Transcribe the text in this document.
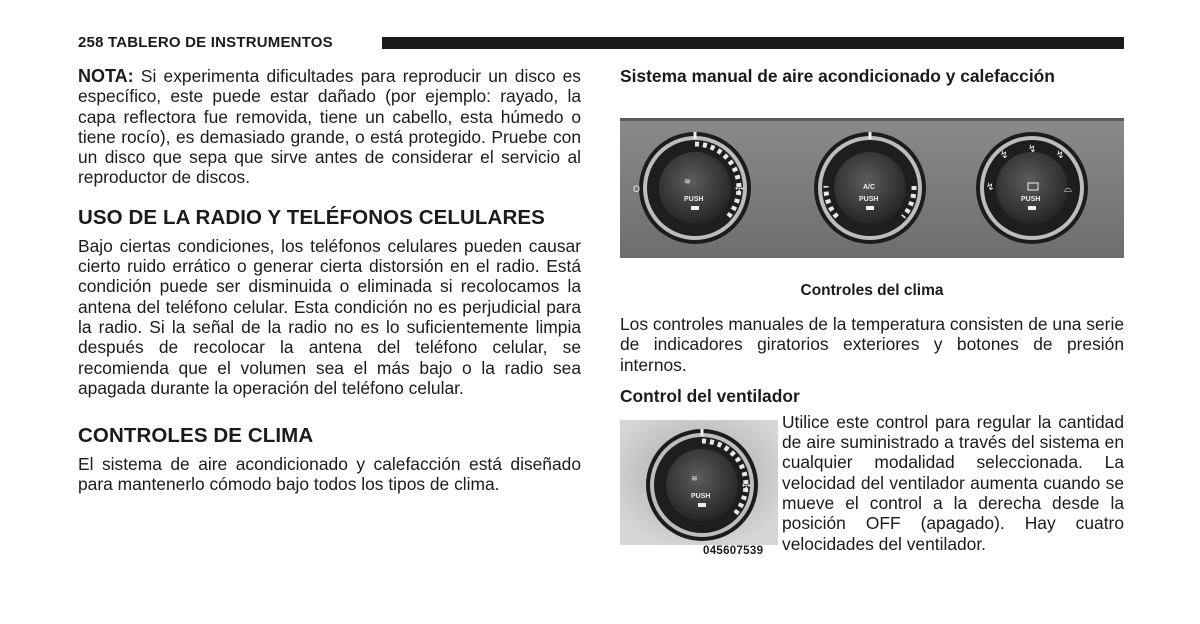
258 TABLERO DE INSTRUMENTOS

NOTA: Si experimenta dificultades para reproducir un disco es específico, este puede estar dañado (por ejemplo: rayado, la capa reflectora fue removida, tiene un cabello, esta húmedo o tiene rocío), es demasiado grande, o está protegido. Pruebe con un disco que sepa que sirve antes de considerar el servicio al reproductor de discos.

USO DE LA RADIO Y TELÉFONOS CELULARES

Bajo ciertas condiciones, los teléfonos celulares pueden causar cierto ruido errático o generar cierta distorsión en el radio. Está condición puede ser disminuida o eliminada si recolocamos la antena del teléfono celular. Esta condición no es perjudicial para la radio. Si la señal de la radio no es lo suficientemente limpia después de recolocar la antena del teléfono celular, se recomienda que el volumen sea el más bajo o la radio sea apagada durante la operación del teléfono celular.

CONTROLES DE CLIMA

El sistema de aire acondicionado y calefacción está diseñado para mantenerlo cómodo bajo todos los tipos de clima.

Sistema manual de aire acondicionado y calefacción
O
≋
PUSH
✣	A/C
PUSH
↯
↯
↯
↯	⌓
PUSH
Controles del clima

Los controles manuales de la temperatura consisten de una serie de indicadores giratorios exteriores y botones de presión internos.

Control del ventilador

Utilice este control para regular la cantidad de aire suministrado a través del sistema en cualquier modalidad seleccionada. La velocidad del ventilador aumenta cuando se mueve el control a la derecha desde la posición OFF (apagado). Hay cuatro velocidades del ventilador.

≋
PUSH
✣
045607539
